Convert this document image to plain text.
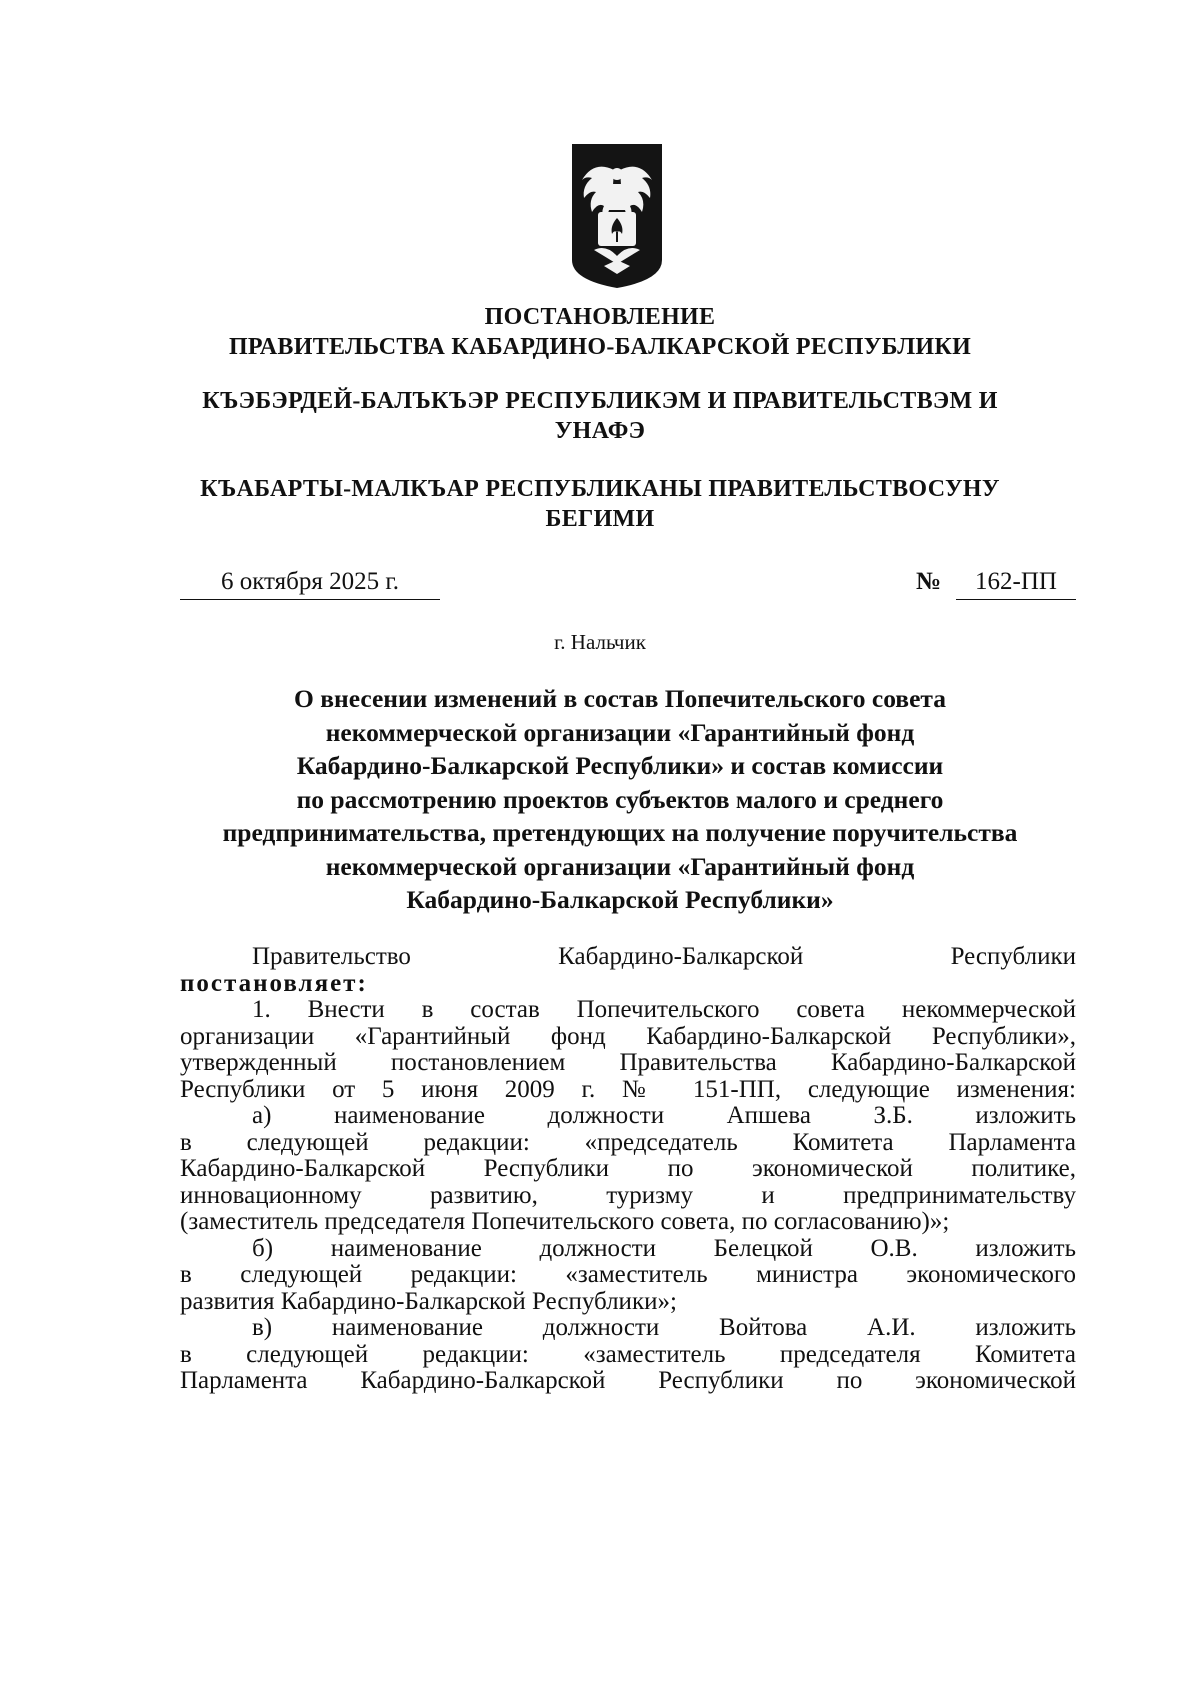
ПОСТАНОВЛЕНИЕ
ПРАВИТЕЛЬСТВА КАБАРДИНО-БАЛКАРСКОЙ РЕСПУБЛИКИ
КЪЭБЭРДЕЙ-БАЛЪКЪЭР РЕСПУБЛИКЭМ И ПРАВИТЕЛЬСТВЭМ И
УНАФЭ
КЪАБАРТЫ-МАЛКЪАР РЕСПУБЛИКАНЫ ПРАВИТЕЛЬСТВОСУНУ
БЕГИМИ
6 октября 2025 г.	№	162-ПП
г. Нальчик
О внесении изменений в состав Попечительского совета
некоммерческой организации «Гарантийный фонд
Кабардино-Балкарской Республики» и состав комиссии
по рассмотрению проектов субъектов малого и среднего
предпринимательства, претендующих на получение поручительства
некоммерческой организации «Гарантийный фонд
Кабардино-Балкарской Республики»
Правительство Кабардино-Балкарской Республики
постановляет:
1. Внести в состав Попечительского совета некоммерческой
организации «Гарантийный фонд Кабардино-Балкарской Республики»,
утвержденный постановлением Правительства Кабардино-Балкарской
Республики от 5 июня 2009 г. № 151-ПП, следующие изменения:
а) наименование должности Апшева З.Б. изложить
в следующей редакции: «председатель Комитета Парламента
Кабардино-Балкарской Республики по экономической политике,
инновационному развитию, туризму и предпринимательству
(заместитель председателя Попечительского совета, по согласованию)»;
б) наименование должности Белецкой О.В. изложить
в следующей редакции: «заместитель министра экономического
развития Кабардино-Балкарской Республики»;
в) наименование должности Войтова А.И. изложить
в следующей редакции: «заместитель председателя Комитета
Парламента Кабардино-Балкарской Республики по экономической
